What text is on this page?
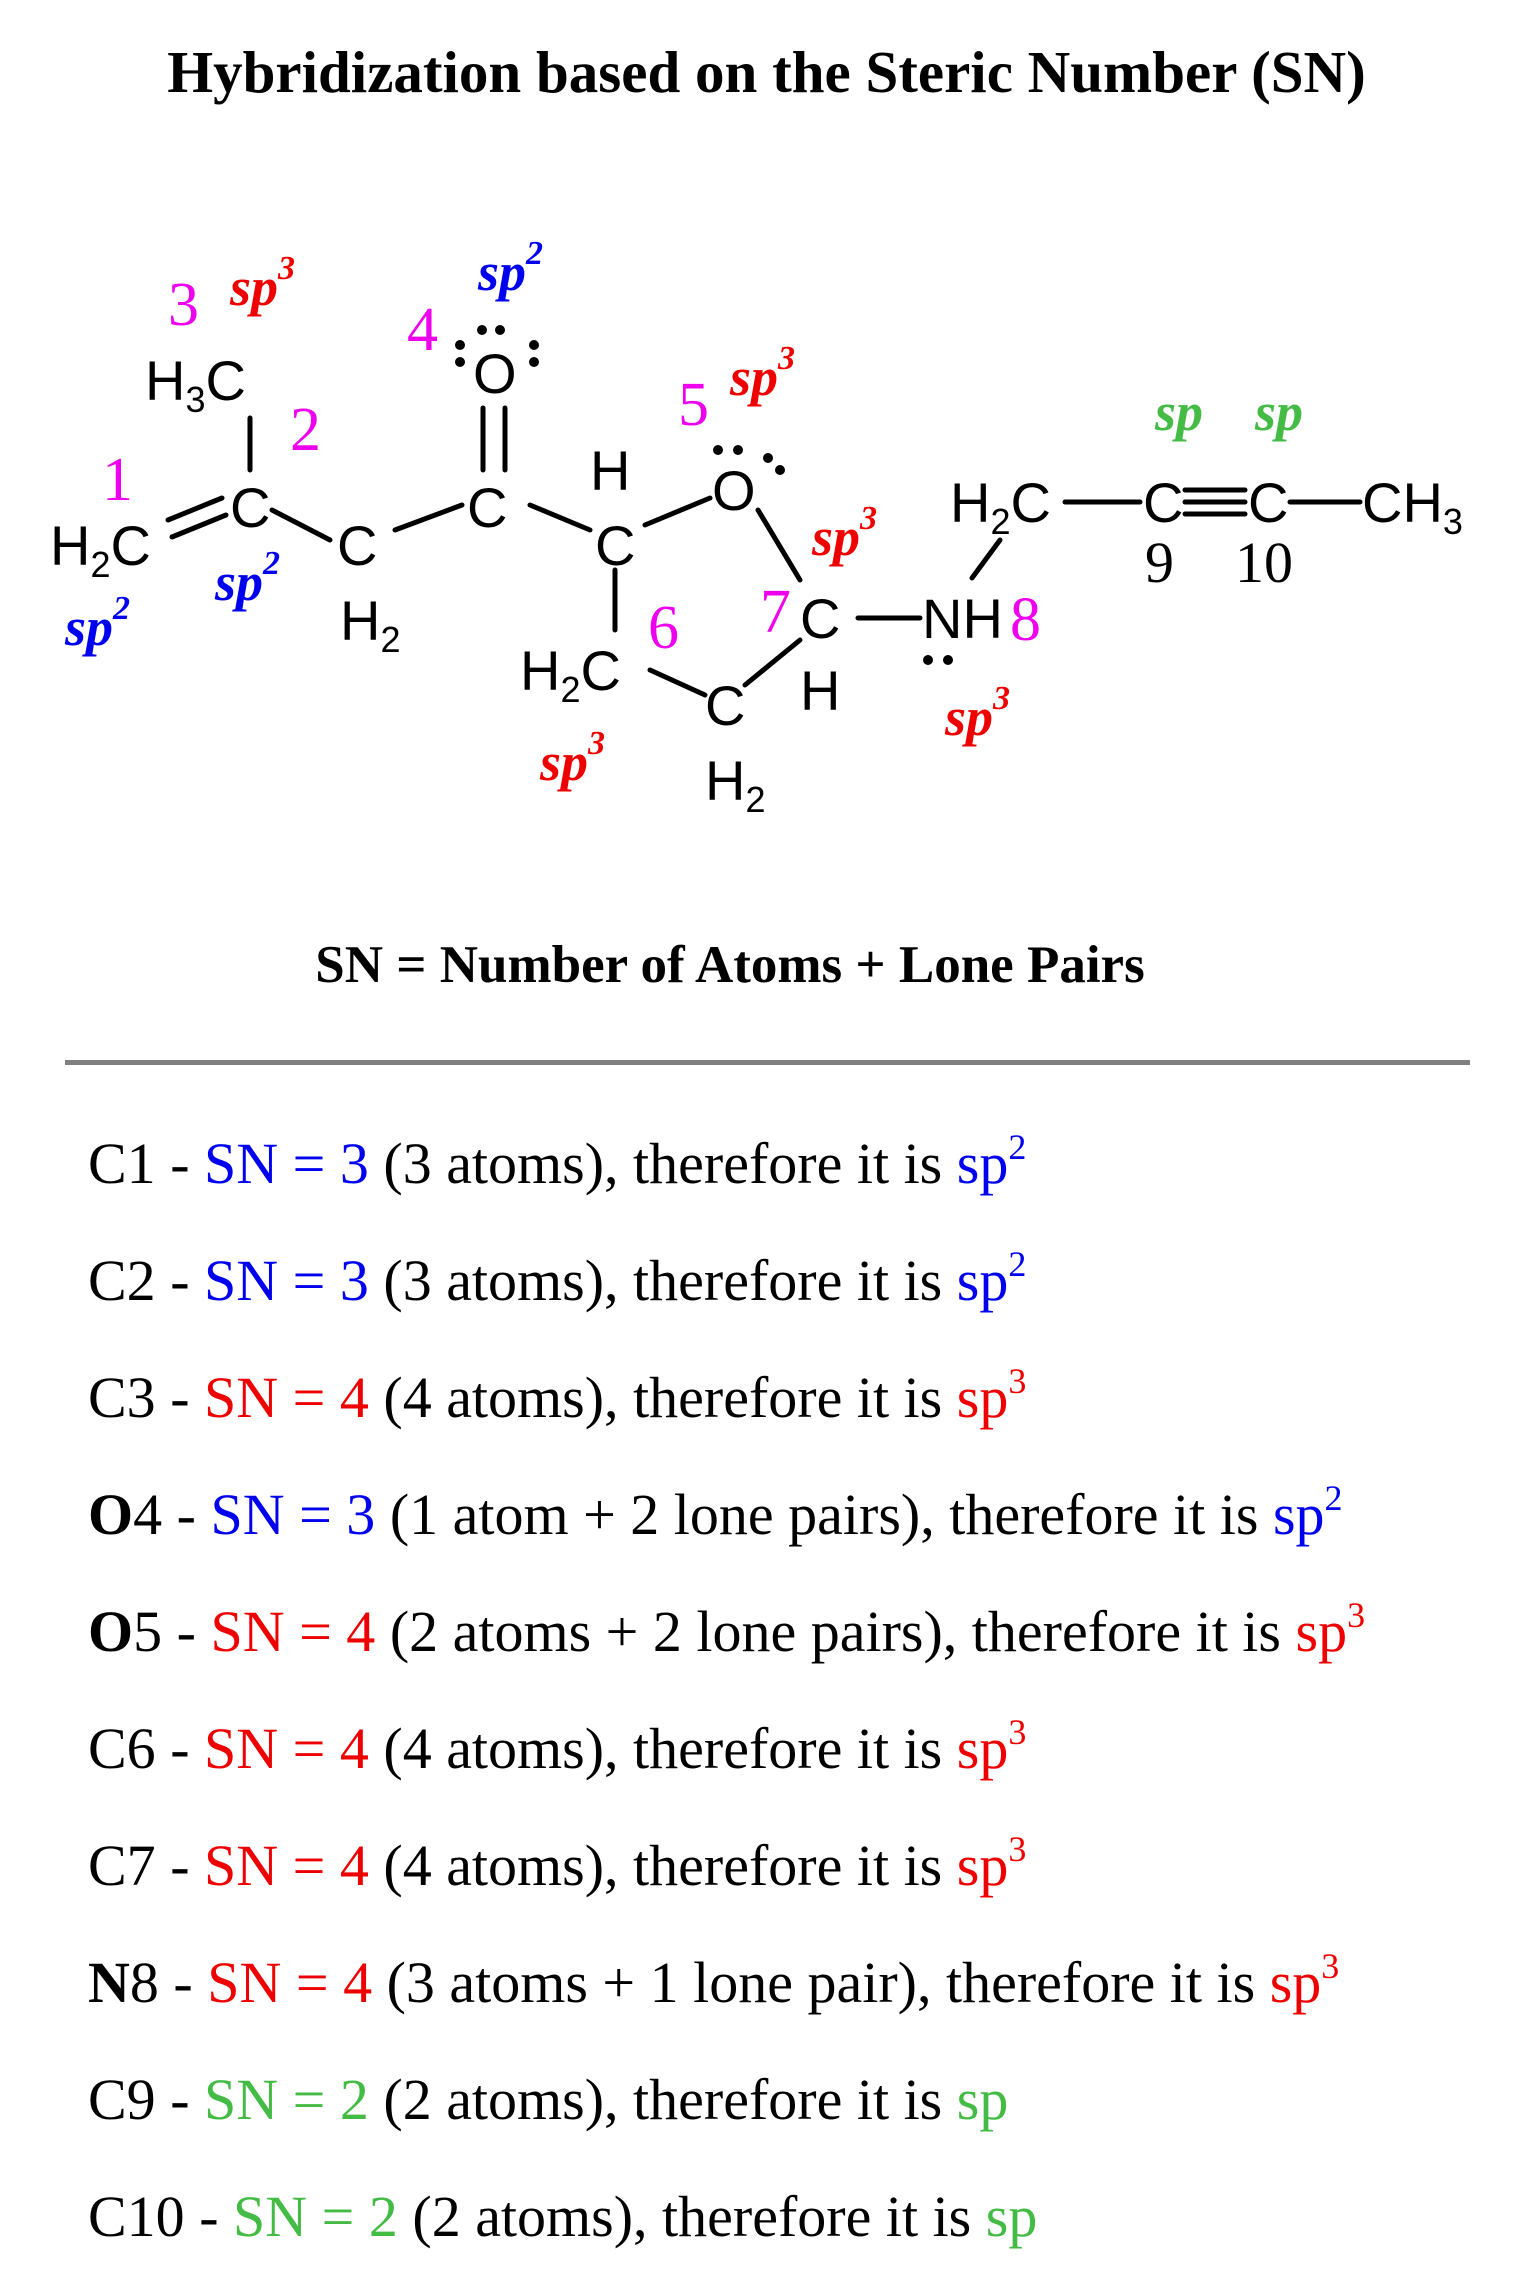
Hybridization based on the Steric Number (SN)
$H_3C$
$H_2C$
C
C
$H_2$
C
O
C
H O
$H_2C$
C
$H_2$
C
H
NH
$H_2C$ C C $CH_3$
1
2
3	4
5
6 7	8
9 10
$sp^2$ $sp^2$
$sp^3$	$sp^2$
$sp^3$
$sp^3$
$sp^3$
$sp^3$
sp sp
SN = Number of Atoms + Lone Pairs
C1 - SN = 3 (3 atoms), therefore it is $sp^2$
C2 - SN = 3 (3 atoms), therefore it is $sp^2$
C3 - SN = 4 (4 atoms), therefore it is $sp^3$
O4 - SN = 3 (1 atom + 2 lone pairs), therefore it is $sp^2$
O5 - SN = 4 (2 atoms + 2 lone pairs), therefore it is $sp^3$
C6 - SN = 4 (4 atoms), therefore it is $sp^3$
C7 - SN = 4 (4 atoms), therefore it is $sp^3$
N8 - SN = 4 (3 atoms + 1 lone pair), therefore it is $sp^3$
C9 - SN = 2 (2 atoms), therefore it is sp
C10 - SN = 2 (2 atoms), therefore it is sp
